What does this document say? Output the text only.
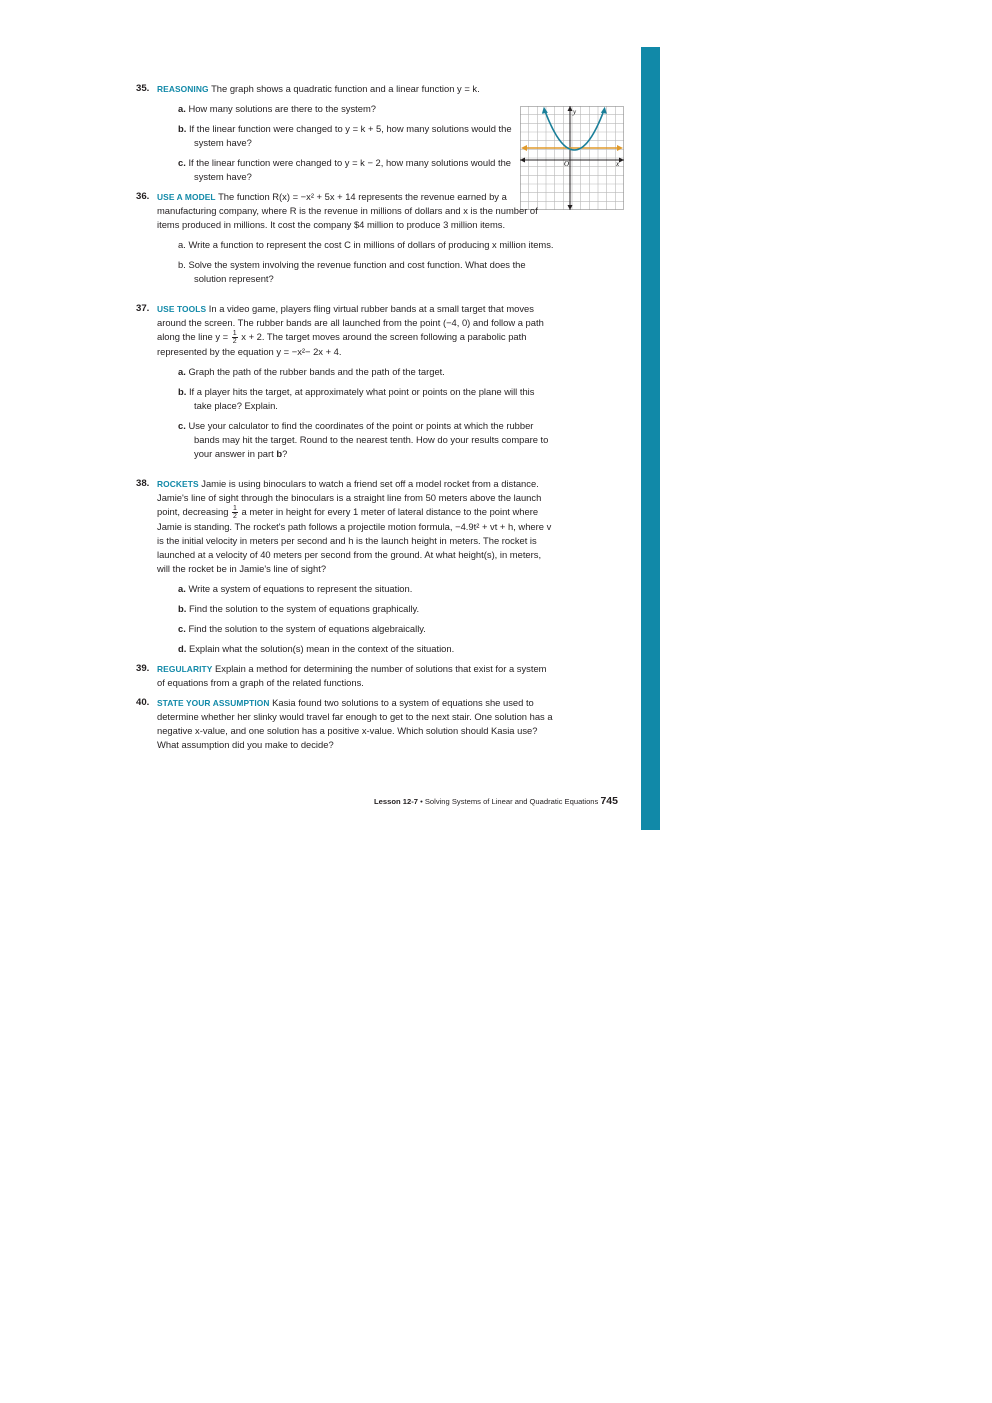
y
x
O
35. REASONING The graph shows a quadratic function and a linear function y = k.
a. How many solutions are there to the system?
b. If the linear function were changed to y = k + 5, how many solutions would the system have?
c. If the linear function were changed to y = k − 2, how many solutions would the system have?
36. USE A MODEL The function R(x) = −x² + 5x + 14 represents the revenue earned by a manufacturing company, where R is the revenue in millions of dollars and x is the number of items produced in millions. It cost the company $4 million to produce 3 million items.
a. Write a function to represent the cost C in millions of dollars of producing x million items.
b. Solve the system involving the revenue function and cost function. What does the solution represent?
37. USE TOOLS In a video game, players fling virtual rubber bands at a small target that moves around the screen. The rubber bands are all launched from the point (−4, 0) and follow a path along the line $y = \frac{1}{2}$ x + 2. The target moves around the screen following a parabolic path represented by the equation y = −x²− 2x + 4.
a. Graph the path of the rubber bands and the path of the target.
b. If a player hits the target, at approximately what point or points on the plane will this take place? Explain.
c. Use your calculator to find the coordinates of the point or points at which the rubber bands may hit the target. Round to the nearest tenth. How do your results compare to your answer in part b?
38. ROCKETS Jamie is using binoculars to watch a friend set off a model rocket from a distance. Jamie's line of sight through the binoculars is a straight line from 50 meters above the launch point, decreasing $\frac{1}{2}$ a meter in height for every 1 meter of lateral distance to the point where Jamie is standing. The rocket's path follows a projectile motion formula, −4.9t² + vt + h, where v is the initial velocity in meters per second and h is the launch height in meters. The rocket is launched at a velocity of 40 meters per second from the ground. At what height(s), in meters, will the rocket be in Jamie's line of sight?
a. Write a system of equations to represent the situation.
b. Find the solution to the system of equations graphically.
c. Find the solution to the system of equations algebraically.
d. Explain what the solution(s) mean in the context of the situation.
39. REGULARITY Explain a method for determining the number of solutions that exist for a system of equations from a graph of the related functions.
40. STATE YOUR ASSUMPTION Kasia found two solutions to a system of equations she used to determine whether her slinky would travel far enough to get to the next stair. One solution has a negative x-value, and one solution has a positive x-value. Which solution should Kasia use? What assumption did you make to decide?
Lesson 12-7 • Solving Systems of Linear and Quadratic Equations 745
